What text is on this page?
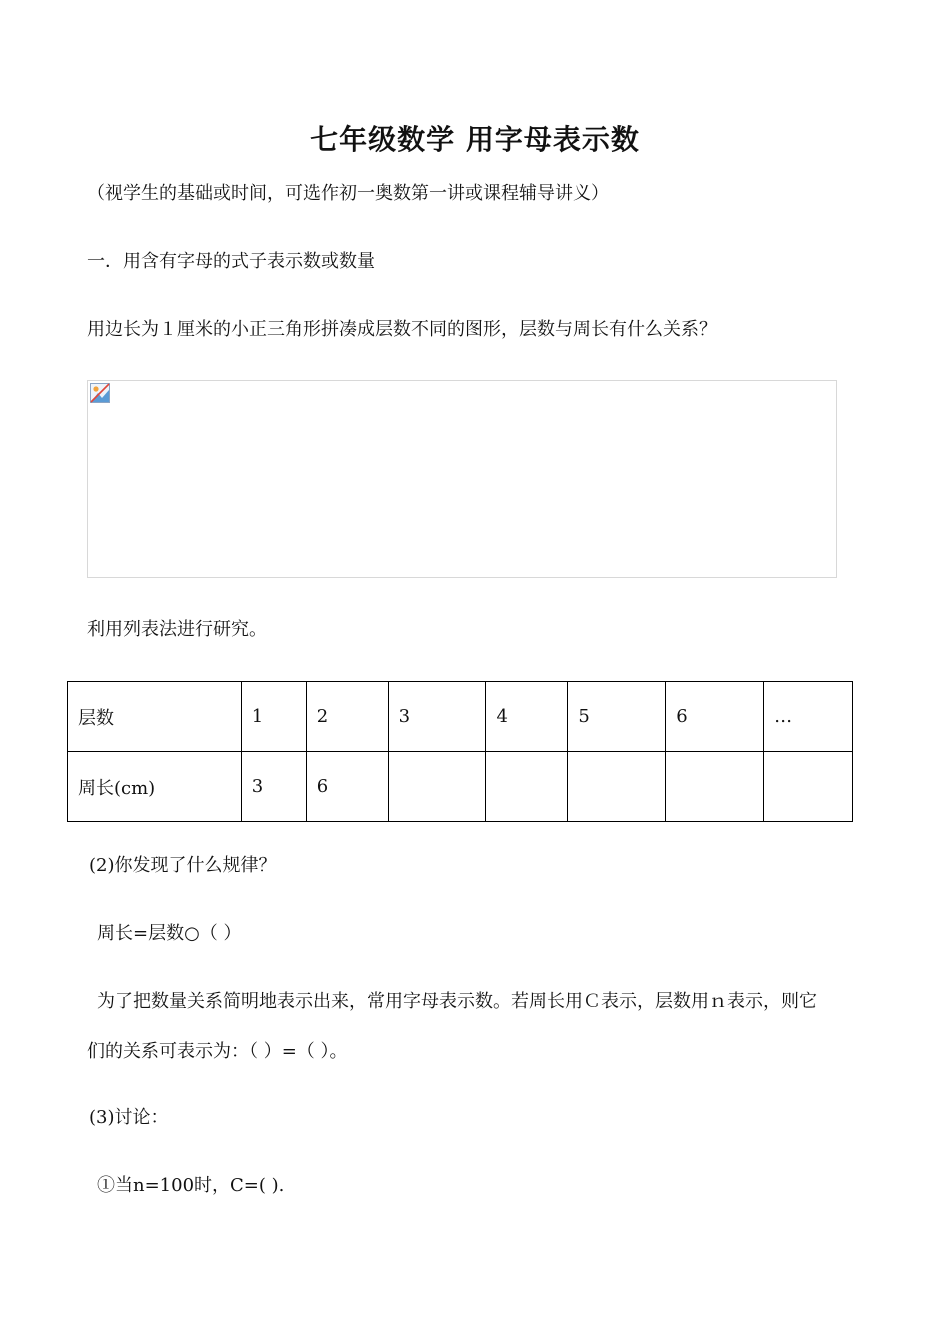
七年级数学 用字母表示数
（视学生的基础或时间，可选作初一奥数第一讲或课程辅导讲义）
一．用含有字母的式子表示数或数量
用边长为１厘米的小正三角形拼凑成层数不同的图形，层数与周长有什么关系？
利用列表法进行研究。
层数	1	2	3	4	5	6	…
周长(cm)	3	6					
(2)你发现了什么规律？
周长=层数○（ ）
为了把数量关系简明地表示出来，常用字母表示数。若周长用Ｃ表示，层数用ｎ表示，则它
们的关系可表示为：（ ）=（ ）。
(3)讨论：
①当n=100时，C=( ).
